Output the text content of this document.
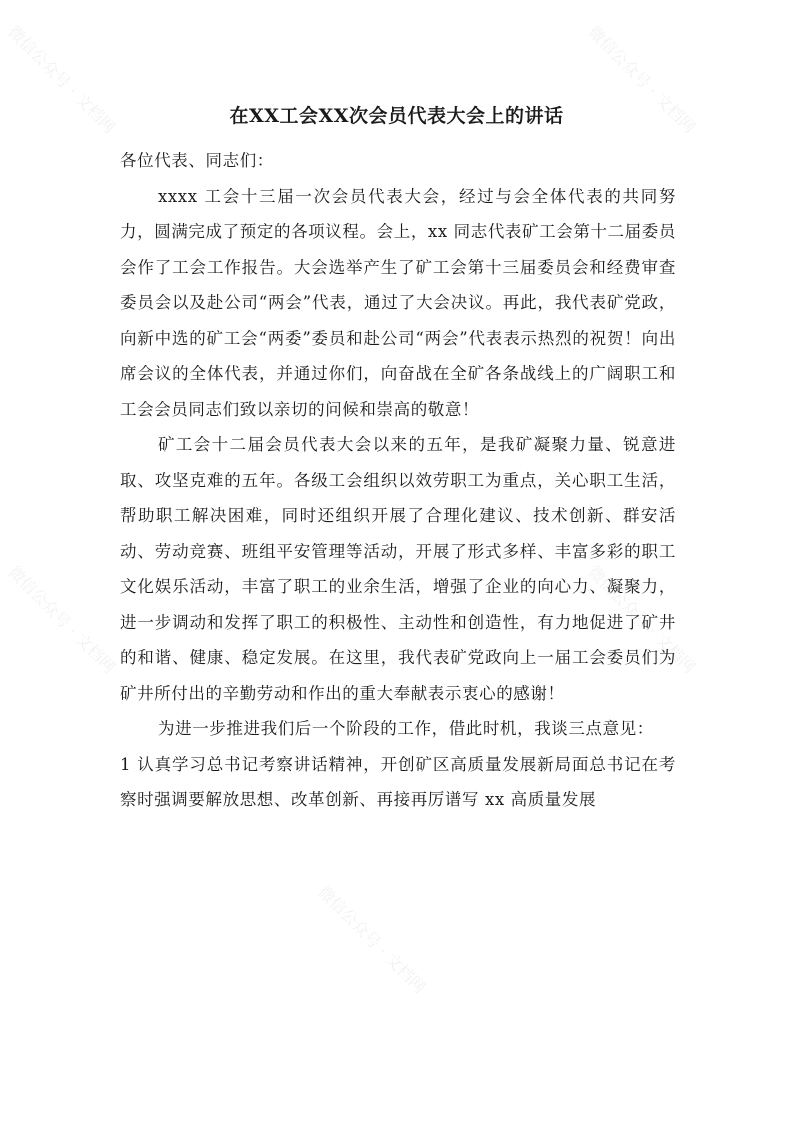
微信公众号 · 文档网	微信公众号 · 文档网
微信公众号 · 文档网	微信公众号 · 文档网
微信公众号 · 文档网
在XX工会XX次会员代表大会上的讲话

各位代表、同志们：

xxxx 工会十三届一次会员代表大会，经过与会全体代表的共同努力，圆满完成了预定的各项议程。会上，xx 同志代表矿工会第十二届委员会作了工会工作报告。大会选举产生了矿工会第十三届委员会和经费审查委员会以及赴公司“两会”代表，通过了大会决议。再此，我代表矿党政，向新中选的矿工会“两委”委员和赴公司“两会”代表表示热烈的祝贺！向出席会议的全体代表，并通过你们，向奋战在全矿各条战线上的广阔职工和工会会员同志们致以亲切的问候和崇高的敬意！

矿工会十二届会员代表大会以来的五年，是我矿凝聚力量、锐意进取、攻坚克难的五年。各级工会组织以效劳职工为重点，关心职工生活，帮助职工解决困难，同时还组织开展了合理化建议、技术创新、群安活动、劳动竞赛、班组平安管理等活动，开展了形式多样、丰富多彩的职工文化娱乐活动，丰富了职工的业余生活，增强了企业的向心力、凝聚力，进一步调动和发挥了职工的积极性、主动性和创造性，有力地促进了矿井的和谐、健康、稳定发展。在这里，我代表矿党政向上一届工会委员们为矿井所付出的辛勤劳动和作出的重大奉献表示衷心的感谢！

为进一步推进我们后一个阶段的工作，借此时机，我谈三点意见：

1 认真学习总书记考察讲话精神，开创矿区高质量发展新局面总书记在考察时强调要解放思想、改革创新、再接再厉谱写 xx 高质量发展
